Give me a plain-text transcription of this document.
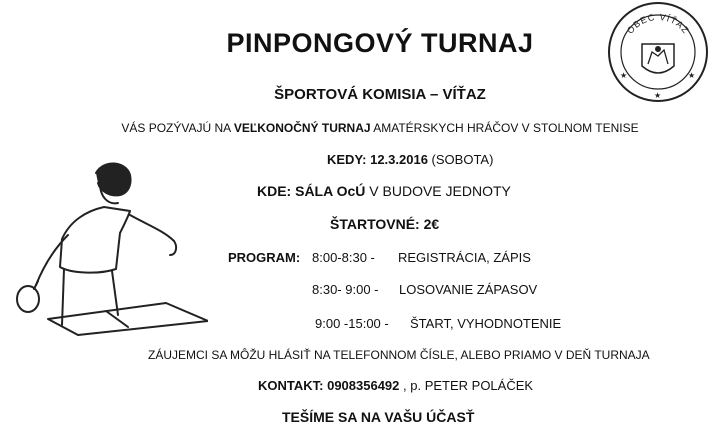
OBEC VÍŤAZ
★	★
★
PINPONGOVÝ TURNAJ
ŠPORTOVÁ KOMISIA – VÍŤAZ
VÁS POZÝVAJÚ NA VEĽKONOČNÝ TURNAJ AMATÉRSKYCH HRÁČOV V STOLNOM TENISE
KEDY: 12.3.2016 (SOBOTA)
KDE: SÁLA OcÚ V BUDOVE JEDNOTY
ŠTARTOVNÉ: 2€
PROGRAM: 8:00-8:30 - REGISTRÁCIA, ZÁPIS
8:30- 9:00 - LOSOVANIE ZÁPASOV
9:00 -15:00 - ŠTART, VYHODNOTENIE
ZÁUJEMCI SA MÔŽU HLÁSIŤ NA TELEFONNOM ČÍSLE, ALEBO PRIAMO V DEŇ TURNAJA
KONTAKT: 0908356492 , p. PETER POLÁČEK
TEŠÍME SA NA VAŠU ÚČASŤ
